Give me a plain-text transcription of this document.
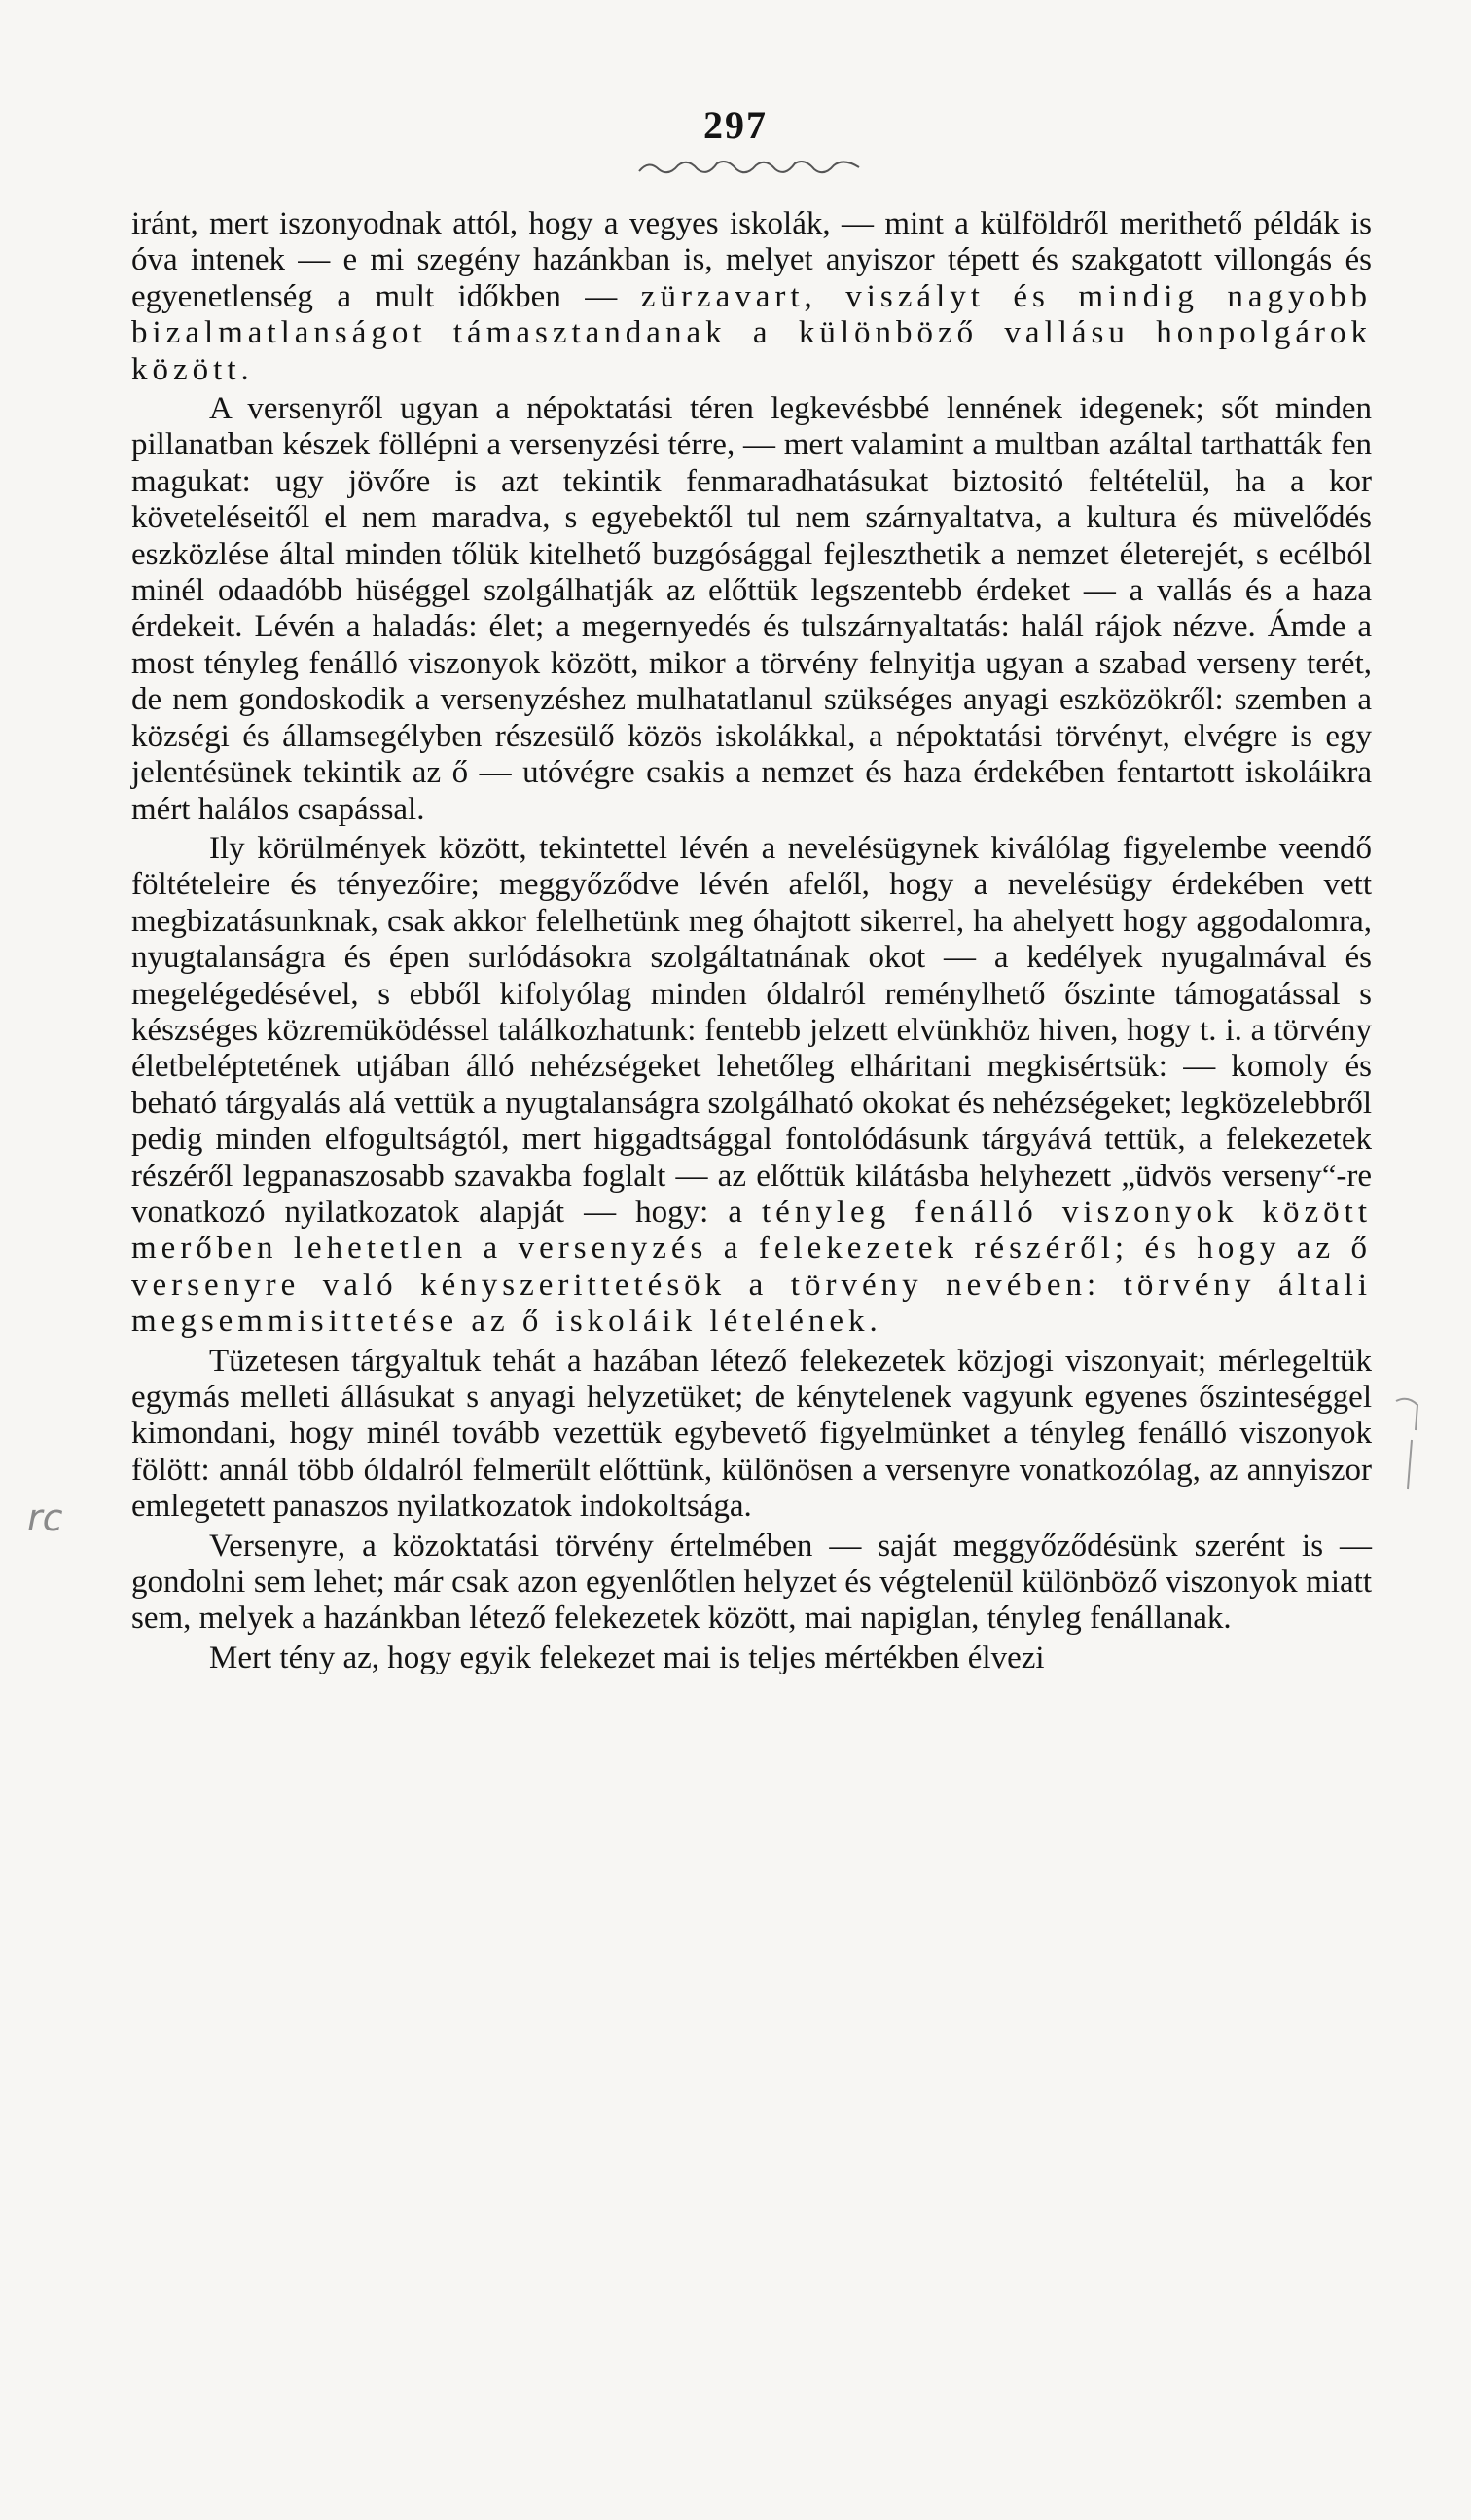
297

iránt, mert iszonyodnak attól, hogy a vegyes iskolák, — mint a külföldről merithető példák is óva intenek — e mi szegény hazánkban is, melyet anyiszor tépett és szakgatott villongás és egyenetlenség a mult időkben — zürzavart, viszályt és mindig nagyobb bizalmatlanságot támasztandanak a különböző vallásu honpolgárok között.

A versenyről ugyan a népoktatási téren legkevésbbé lennének idegenek; sőt minden pillanatban készek föllépni a versenyzési térre, — mert valamint a multban azáltal tarthatták fen magukat: ugy jövőre is azt tekintik fenmaradhatásukat biztositó feltételül, ha a kor követeléseitől el nem maradva, s egyebektől tul nem szárnyaltatva, a kultura és müvelődés eszközlése által minden tőlük kitelhető buzgósággal fejleszthetik a nemzet életerejét, s ecélból minél odaadóbb hüséggel szolgálhatják az előttük legszentebb érdeket — a vallás és a haza érdekeit. Lévén a haladás: élet; a megernyedés és tulszárnyaltatás: halál rájok nézve. Ámde a most tényleg fenálló viszonyok között, mikor a törvény felnyitja ugyan a szabad verseny terét, de nem gondoskodik a versenyzéshez mulhatatlanul szükséges anyagi eszközökről: szemben a községi és államsegélyben részesülő közös iskolákkal, a népoktatási törvényt, elvégre is egy jelentésünek tekintik az ő — utóvégre csakis a nemzet és haza érdekében fentartott iskoláikra mért halálos csapással.

Ily körülmények között, tekintettel lévén a nevelésügynek kiválólag figyelembe veendő föltételeire és tényezőire; meggyőződve lévén afelől, hogy a nevelésügy érdekében vett megbizatásunknak, csak akkor felelhetünk meg óhajtott sikerrel, ha ahelyett hogy aggodalomra, nyugtalanságra és épen surlódásokra szolgáltatnának okot — a kedélyek nyugalmával és megelégedésével, s ebből kifolyólag minden óldalról reménylhető őszinte támogatással s készséges közremüködéssel találkozhatunk: fentebb jelzett elvünkhöz hiven, hogy t. i. a törvény életbeléptetének utjában álló nehézségeket lehetőleg elháritani megkisértsük: — komoly és beható tárgyalás alá vettük a nyugtalanságra szolgálható okokat és nehézségeket; legközelebbről pedig minden elfogultságtól, mert higgadtsággal fontolódásunk tárgyává tettük, a felekezetek részéről legpanaszosabb szavakba foglalt — az előttük kilátásba helyhezett „üdvös verseny“-re vonatkozó nyilatkozatok alapját — hogy: a tényleg fenálló viszonyok között merőben lehetetlen a versenyzés a felekezetek részéről; és hogy az ő versenyre való kényszerittetésök a törvény nevében: törvény általi megsemmisittetése az ő iskoláik lételének.

Tüzetesen tárgyaltuk tehát a hazában létező felekezetek közjogi viszonyait; mérlegeltük egymás melleti állásukat s anyagi helyzetüket; de kénytelenek vagyunk egyenes őszinteséggel kimondani, hogy minél tovább vezettük egybevető figyelmünket a tényleg fenálló viszonyok fölött: annál több óldalról felmerült előttünk, különösen a versenyre vonatkozólag, az annyiszor emlegetett panaszos nyilatkozatok indokoltsága.

Versenyre, a közoktatási törvény értelmében — saját meggyőződésünk szerént is — gondolni sem lehet; már csak azon egyenlőtlen helyzet és végtelenül különböző viszonyok miatt sem, melyek a hazánkban létező felekezetek között, mai napiglan, tényleg fenállanak.

Mert tény az, hogy egyik felekezet mai is teljes mértékben élvezi

rc
